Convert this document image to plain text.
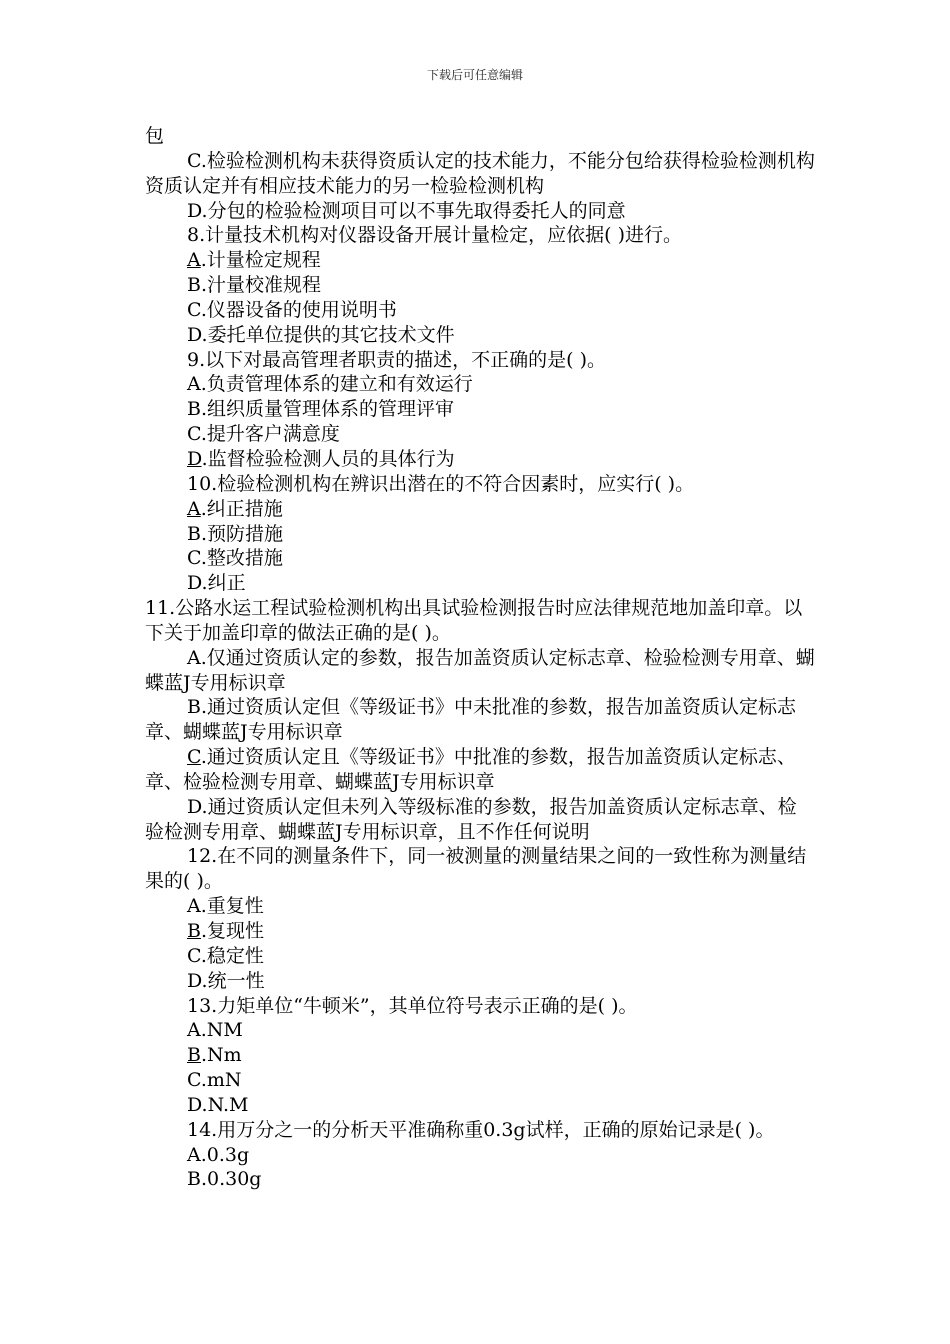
下载后可任意编辑

包

C.检验检测机构未获得资质认定的技术能力，不能分包给获得检验检测机构资质认定并有相应技术能力的另一检验检测机构

D.分包的检验检测项目可以不事先取得委托人的同意

8.计量技术机构对仪器设备开展计量检定，应依据( )进行。

A.计量检定规程

B.汁量校准规程

C.仪器设备的使用说明书

D.委托单位提供的其它技术文件

9.以下对最高管理者职责的描述，不正确的是( )。

A.负责管理体系的建立和有效运行

B.组织质量管理体系的管理评审

C.提升客户满意度

D.监督检验检测人员的具体行为

10.检验检测机构在辨识出潜在的不符合因素时，应实行( )。

A.纠正措施

B.预防措施

C.整改措施

D.纠正

11.公路水运工程试验检测机构出具试验检测报告时应法律规范地加盖印章。以下关于加盖印章的做法正确的是( )。

A.仅通过资质认定的参数，报告加盖资质认定标志章、检验检测专用章、蝴蝶蓝J专用标识章

B.通过资质认定但《等级证书》中未批准的参数，报告加盖资质认定标志章、蝴蝶蓝J专用标识章

C.通过资质认定且《等级证书》中批准的参数，报告加盖资质认定标志、章、检验检测专用章、蝴蝶蓝J专用标识章

D.通过资质认定但未列入等级标准的参数，报告加盖资质认定标志章、检验检测专用章、蝴蝶蓝J专用标识章，且不作任何说明

12.在不同的测量条件下，同一被测量的测量结果之间的一致性称为测量结果的( )。

A.重复性

B.复现性

C.稳定性

D.统一性

13.力矩单位“牛顿米”，其单位符号表示正确的是( )。

A.NM

B.Nm

C.mN

D.N.M

14.用万分之一的分析天平准确称重0.3g试样，正确的原始记录是( )。

A.0.3g

B.0.30g
